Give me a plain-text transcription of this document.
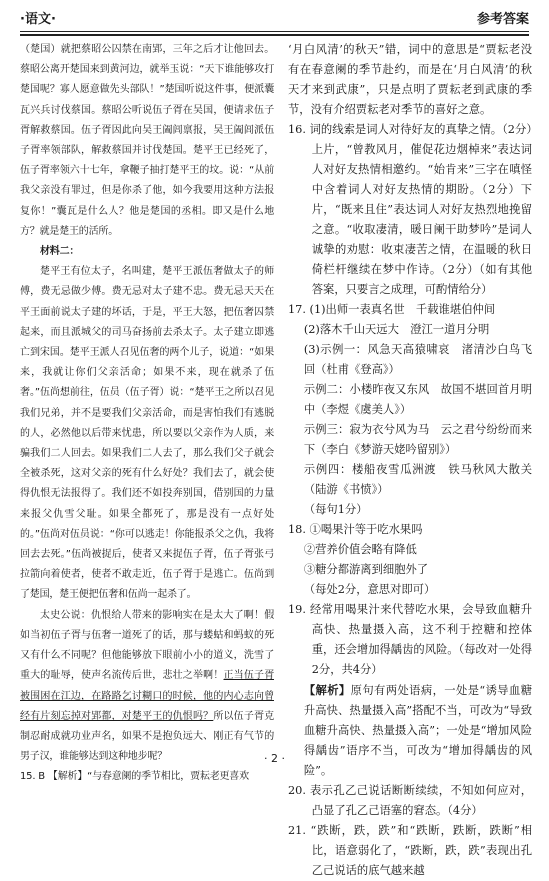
·语文·	参考答案

（楚国）就把蔡昭公囚禁在南郢，三年之后才让他回去。蔡昭公离开楚国来到黄河边，就举玉说：“天下谁能够攻打楚国呢？寡人愿意做先头部队！”楚国听说这件事，便派囊瓦兴兵讨伐蔡国。蔡昭公听说伍子胥在吴国，便请求伍子胥解救蔡国。伍子胥因此向吴王阖闾禀报，吴王阖闾派伍子胥率领部队，解救蔡国并讨伐楚国。楚平王已经死了，伍子胥率领六十七年，拿鞭子抽打楚平王的坟。说：“从前我父亲没有罪过，但是你杀了他，如今我要用这种方法报复你！”囊瓦是什么人？他是楚国的丞相。即又是什么地方？就是楚王的活所。

材料二：

楚平王有位太子，名叫建，楚平王派伍奢做太子的师傅，费无忌做少傅。费无忌对太子建不忠。费无忌天天在平王面前说太子建的坏话，于是，平王大怒，把伍奢囚禁起来，而且派城父的司马奋扬前去杀太子。太子建立即逃亡到宋国。楚平王派人召见伍奢的两个儿子，说道：“如果来，我就让你们父亲活命；如果不来，现在就杀了伍奢。”伍尚想前往，伍员（伍子胥）说：“楚平王之所以召见我们兄弟，并不是要我们父亲活命，而是害怕我们有逃脱的人，必然他以后带来忧患，所以要以父亲作为人质，来骗我们二人回去。如果我们二人去了，那么我们父子就会全被杀死，这对父亲的死有什么好处？我们去了，就会使得仇恨无法报得了。我们还不如投奔别国，借别国的力量来报父仇雪父耻。如果全都死了，那是没有一点好处的。”伍尚对伍员说：“你可以逃走！你能报杀父之仇，我将回去去死。”伍尚被捉后，使者又来捉伍子胥，伍子胥张弓拉箭向着使者，使者不敢走近，伍子胥于是逃亡。伍尚到了楚国，楚王便把伍奢和伍尚一起杀了。

太史公说：仇恨给人带来的影响实在是太大了啊！假如当初伍子胥与伍奢一道死了的话，那与蝼蛄和蚂蚁的死又有什么不同呢？但他能够放下眼前小小的道义，洗雪了重大的耻辱，使声名流传后世，悲壮之举啊！正当伍子胥被围困在江边，在路路乞讨糊口的时候，他的内心志向曾经有片刻忘掉对郢都，对楚平王的仇恨吗？所以伍子胥克制忍耐成就功业声名，如果不是抱负远大、刚正有气节的男子汉，谁能够达到这种地步呢？

15. B 【解析】“与春意阑的季节相比，贾耘老更喜欢

‘月白风清’的秋天”错，词中的意思是“贾耘老没有在春意阑的季节赴约，而是在‘月白风清’的秋天才来到武康”，只是点明了贾耘老到武康的季节，没有介绍贾耘老对季节的喜好之意。

16. 词的线索是词人对待好友的真挚之情。（2分）上片，“曾教风月，催促花边烟棹来”表达词人对好友热情相邀约。“始肯来”三字在嗔怪中含着词人对好友热情的期盼。（2分）下片，“既来且住”表达词人对好友热烈地挽留之意。“收取凄清，暖日阑干助梦吟”是词人诚挚的劝慰：收束凄苦之情，在温暖的秋日倚栏杆继续在梦中作诗。（2分）（如有其他答案，只要言之成理，可酌情给分）

17. (1)出师一表真名世　千载谁堪伯仲间

(2)落木千山天远大　澄江一道月分明

(3)示例一：风急天高猿啸哀　渚清沙白鸟飞回（杜甫《登高》）

示例二：小楼昨夜又东风　故国不堪回首月明中（李煜《虞美人》）

示例三：寂为衣兮风为马　云之君兮纷纷而来下（李白《梦游天姥吟留别》）

示例四：楼船夜雪瓜洲渡　铁马秋风大散关（陆游《书愤》）

（每句1分）

18. ①喝果汁等于吃水果吗

②营养价值会略有降低

③糖分都游离到细胞外了

（每处2分，意思对即可）

19. 经常用喝果汁来代替吃水果，会导致血糖升高快、热量摄入高，这不利于控糖和控体重，还会增加得龋齿的风险。（每改对一处得2分，共4分）

【解析】原句有两处语病，一处是“诱导血糖升高快、热量摄入高”搭配不当，可改为“导致血糖升高快、热量摄入高”；一处是“增加风险得龋齿”语序不当，可改为“增加得龋齿的风险”。

20. 表示孔乙己说话断断续续，不知如何应对，凸显了孔乙己语塞的窘态。（4分）

21. “跌断，跌，跌”和“跌断，跌断，跌断”相比，语意弱化了，“跌断，跌，跌”表现出孔乙己说话的底气越来越

· 2 ·
